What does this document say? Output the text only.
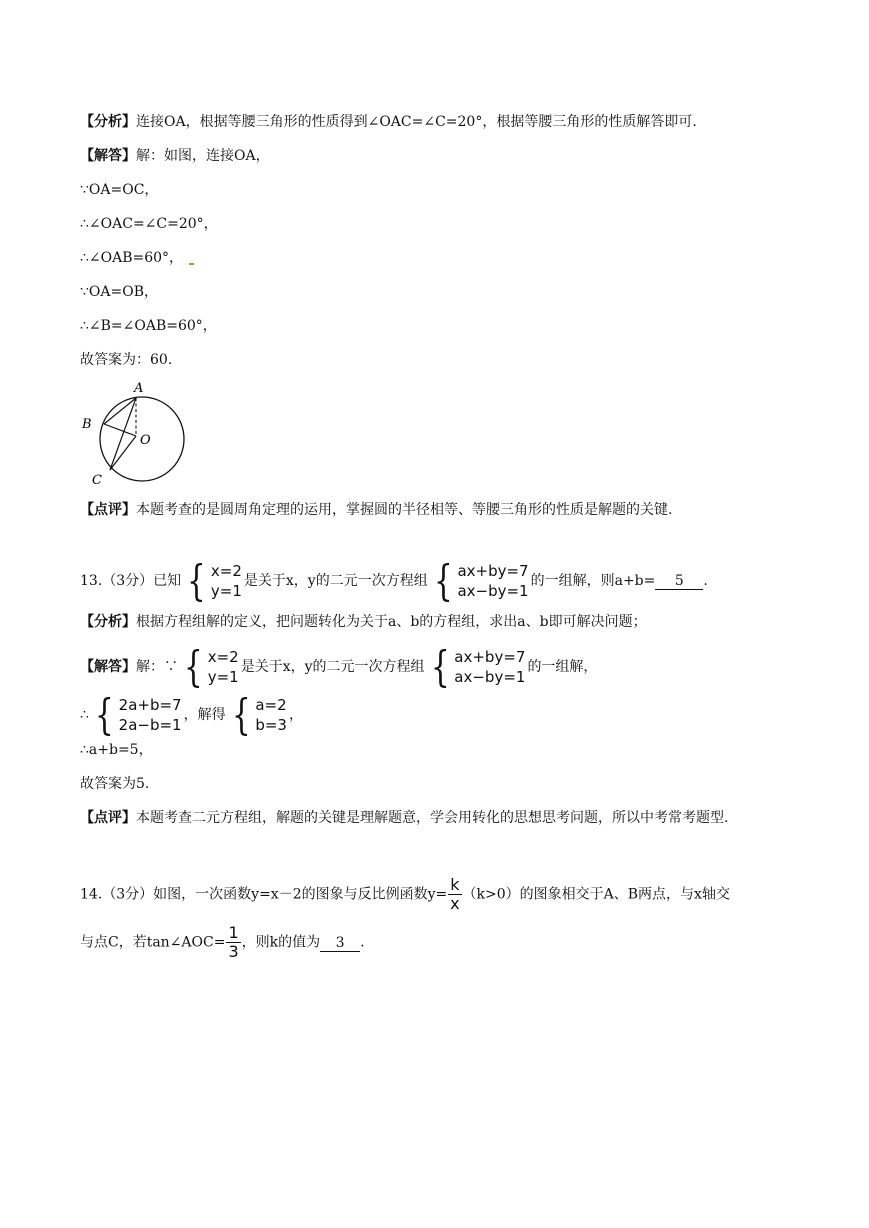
【分析】连接OA，根据等腰三角形的性质得到∠OAC=∠C=20°，根据等腰三角形的性质解答即可.
【解答】解：如图，连接OA，
∵OA=OC，
∴∠OAC=∠C=20°，
∴∠OAB=60°，
∵OA=OB，
∴∠B=∠OAB=60°，
故答案为：60.
A
B
O
C
【点评】本题考查的是圆周角定理的运用，掌握圆的半径相等、等腰三角形的性质是解题的关键.
13.（3分）已知 { x=2
y=1
是关于x，y的二元一次方程组 { ax+by=7
ax−by=1
的一组解，则a+b= 5 .
【分析】根据方程组解的定义，把问题转化为关于a、b的方程组，求出a、b即可解决问题；
【解答】解：∵ { x=2
y=1
是关于x，y的二元一次方程组 { ax+by=7
ax−by=1
的一组解，
∴ { 2a+b=7
2a−b=1
，解得 { a=2
b=3
，
∴a+b=5，
故答案为5.
【点评】本题考查二元方程组，解题的关键是理解题意，学会用转化的思想思考问题，所以中考常考题型.
14.（3分）如图，一次函数y=x－2的图象与反比例函数$y= \frac{k}{x} (k>0)$的图象相交于A、B两点，与x轴交
与点C，若tan∠AOC= $\frac{1}{3}$ ，则k的值为 3 .
